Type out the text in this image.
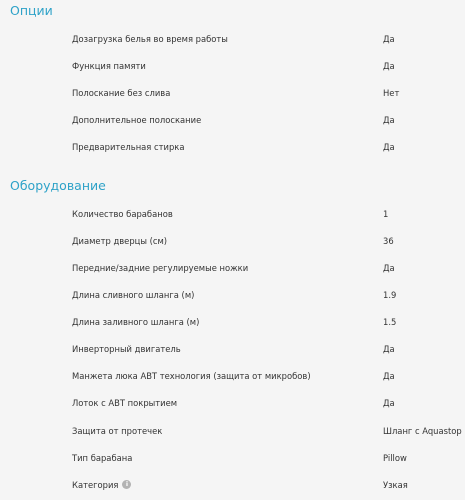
Опции
Дозагрузка белья во время работы	Да
Функция памяти	Да
Полоскание без слива	Нет
Дополнительное полоскание	Да
Предварительная стирка	Да
Оборудование
Количество барабанов	1
Диаметр дверцы (см)	36
Передние/задние регулируемые ножки	Да
Длина сливного шланга (м)	1.9
Длина заливного шланга (м)	1.5
Инверторный двигатель	Да
Манжета люка ABT технология (защита от микробов)	Да
Лоток с ABT покрытием	Да
Защита от протечек	Шланг с Aquastop
Тип барабана	Pillow
Категория i	Узкая
